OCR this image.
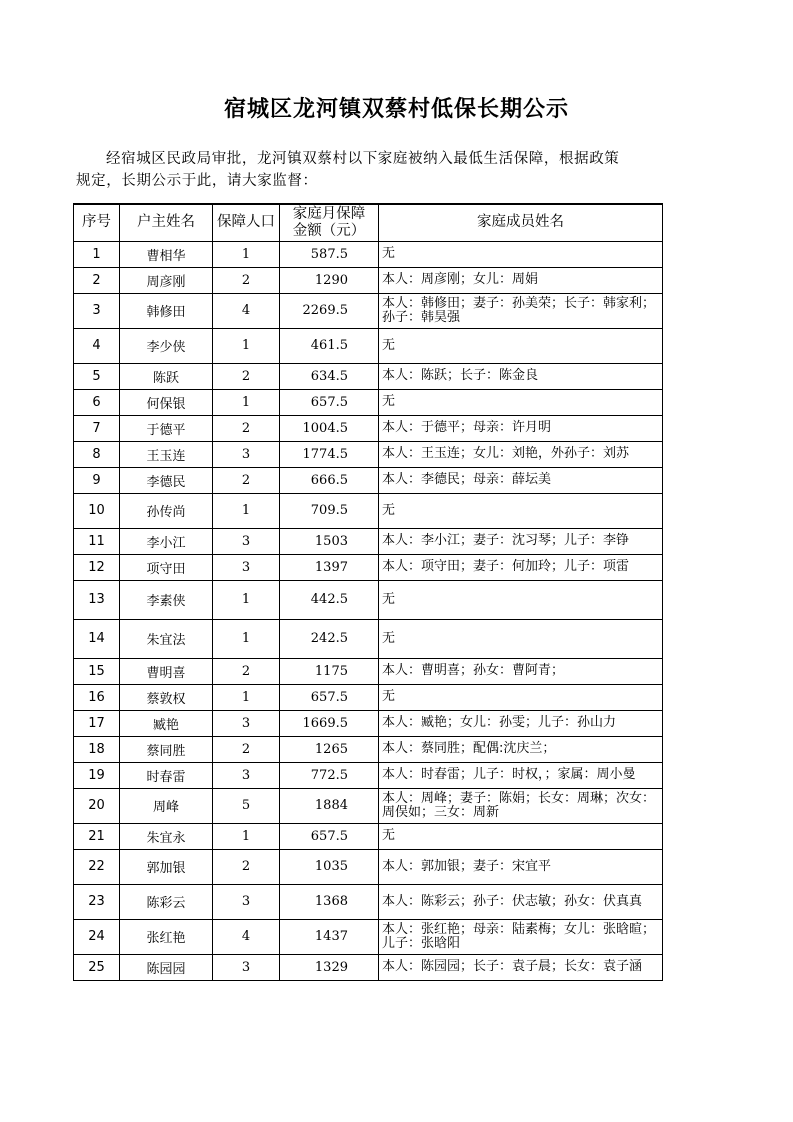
宿城区龙河镇双蔡村低保长期公示
经宿城区民政局审批，龙河镇双蔡村以下家庭被纳入最低生活保障，根据政策
规定，长期公示于此，请大家监督：
序号	户主姓名	保障人口	家庭月保障
金额（元）	家庭成员姓名
1	曹相华	1	587.5	无
2	周彦刚	2	1290	本人：周彦刚；女儿：周娟
3	韩修田	4	2269.5	本人：韩修田；妻子：孙美荣；长子：韩家利；孙子：韩昊强
4	李少侠	1	461.5	无
5	陈跃	2	634.5	本人：陈跃；长子：陈金良
6	何保银	1	657.5	无
7	于德平	2	1004.5	本人：于德平；母亲：许月明
8	王玉连	3	1774.5	本人：王玉连；女儿：刘艳，外孙子：刘苏
9	李德民	2	666.5	本人：李德民；母亲：薛坛美
10	孙传尚	1	709.5	无
11	李小江	3	1503	本人：李小江；妻子：沈习琴；儿子：李铮
12	项守田	3	1397	本人：项守田；妻子：何加玲；儿子：项雷
13	李素侠	1	442.5	无
14	朱宜法	1	242.5	无
15	曹明喜	2	1175	本人：曹明喜；孙女：曹阿青；
16	蔡敦权	1	657.5	无
17	臧艳	3	1669.5	本人：臧艳；女儿：孙雯；儿子：孙山力
18	蔡同胜	2	1265	本人：蔡同胜；配偶:沈庆兰；
19	时春雷	3	772.5	本人：时春雷；儿子：时权，；家属：周小曼
20	周峰	5	1884	本人：周峰；妻子：陈娟；长女：周琳；次女：周俣如；三女：周新
21	朱宜永	1	657.5	无
22	郭加银	2	1035	本人：郭加银；妻子：宋宜平
23	陈彩云	3	1368	本人：陈彩云；孙子：伏志敏；孙女：伏真真
24	张红艳	4	1437	本人：张红艳；母亲：陆素梅；女儿：张晗暄；儿子：张晗阳
25	陈园园	3	1329	本人：陈园园；长子：袁子晨；长女：袁子涵
